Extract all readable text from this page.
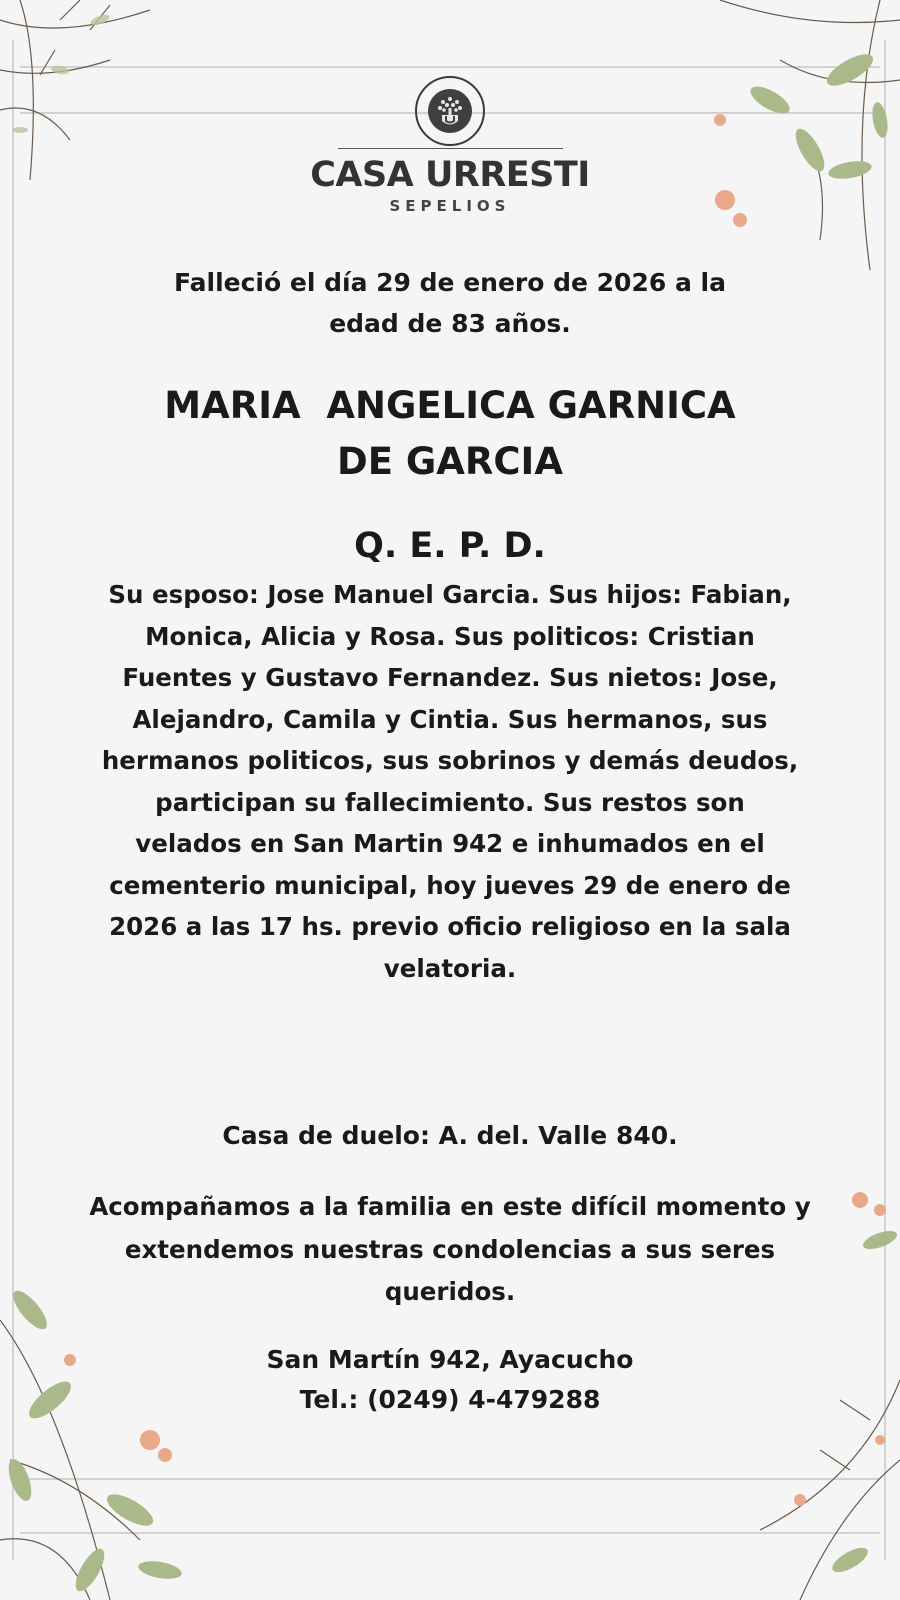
CASA URRESTI
SEPELIOS
Falleció el día 29 de enero de 2026 a la edad de 83 años.
MARIA  ANGELICA GARNICA
DE GARCIA
Q. E. P. D.
Su esposo: Jose Manuel Garcia. Sus hijos: Fabian, Monica, Alicia y Rosa. Sus politicos: Cristian Fuentes y Gustavo Fernandez. Sus nietos: Jose, Alejandro, Camila y Cintia. Sus hermanos, sus hermanos politicos, sus sobrinos y demás deudos, participan su fallecimiento. Sus restos son velados en San Martin 942 e inhumados en el cementerio municipal, hoy jueves 29 de enero de 2026 a las 17 hs. previo oficio religioso en la sala velatoria.
Casa de duelo: A. del. Valle 840.
Acompañamos a la familia en este difícil momento y extendemos nuestras condolencias a sus seres queridos.
San Martín 942, Ayacucho
Tel.: (0249) 4-479288
